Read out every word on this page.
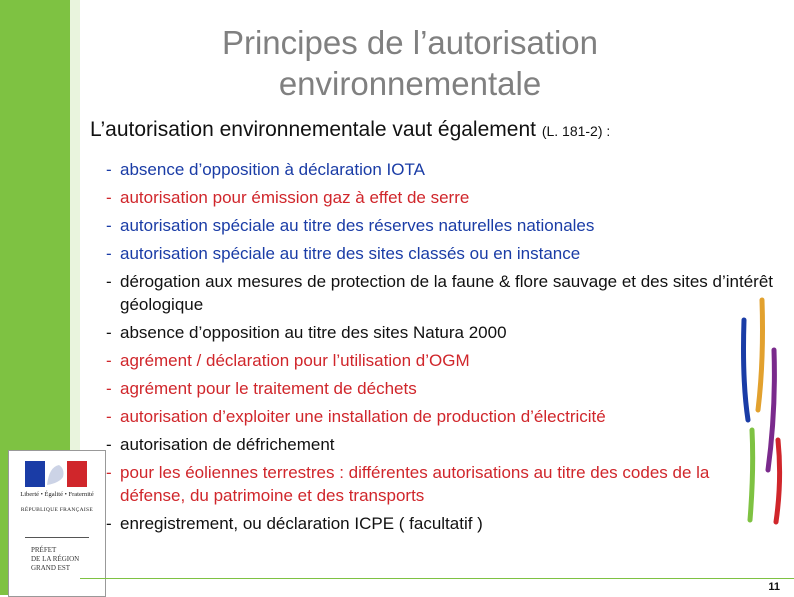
Principes de l’autorisation
environnementale
L’autorisation environnementale vaut également (L. 181-2) :
- absence d’opposition à déclaration IOTA
- autorisation pour émission gaz à effet de serre
- autorisation spéciale au titre des réserves naturelles nationales
- autorisation spéciale au titre des sites classés ou en instance
- dérogation aux mesures de protection de la faune & flore sauvage et des sites d’intérêt géologique
- absence d’opposition au titre des sites Natura 2000
- agrément / déclaration pour l’utilisation d’OGM
- agrément pour le traitement de déchets
- autorisation d’exploiter une installation de production d’électricité
- autorisation de défrichement
- pour les éoliennes terrestres : différentes autorisations au titre des codes de la défense, du patrimoine et des transports
- enregistrement, ou déclaration ICPE ( facultatif )
Liberté • Égalité • Fraternité
RÉPUBLIQUE FRANÇAISE
PRÉFET
DE LA RÉGION
GRAND EST
11
